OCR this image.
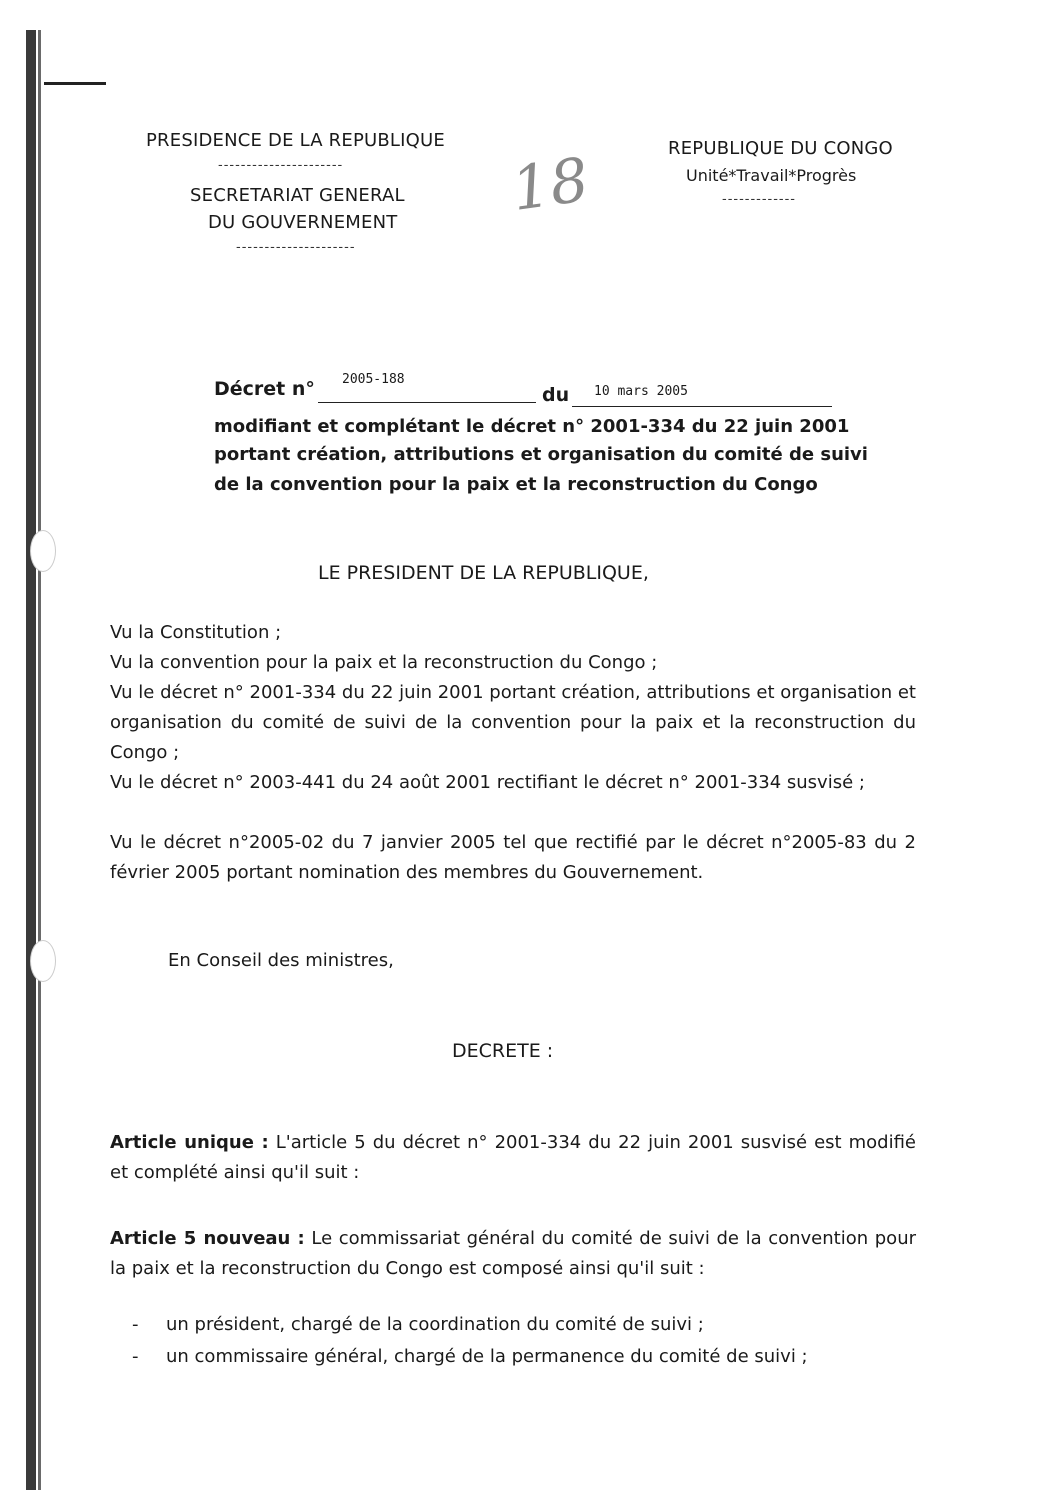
PRESIDENCE DE LA REPUBLIQUE
----------------------
SECRETARIAT GENERAL
DU GOUVERNEMENT
---------------------
18	REPUBLIQUE DU CONGO
Unité*Travail*Progrès
-------------
Décret n° 2005-188
du 10 mars 2005
modifiant et complétant le décret n° 2001-334 du 22 juin 2001
portant création, attributions et organisation du comité de suivi
de la convention pour la paix et la reconstruction du Congo
LE PRESIDENT DE LA REPUBLIQUE,
Vu la Constitution ;
Vu la convention pour la paix et la reconstruction du Congo ;
Vu le décret n° 2001-334 du 22 juin 2001 portant création, attributions et organisation et organisation du comité de suivi de la convention pour la paix et la reconstruction du Congo ;
Vu le décret n° 2003-441 du 24 août 2001 rectifiant le décret n° 2001-334 susvisé ;
Vu le décret n°2005-02 du 7 janvier 2005 tel que rectifié par le décret n°2005-83 du 2 février 2005 portant nomination des membres du Gouvernement.
En Conseil des ministres,
DECRETE :
Article unique : L'article 5 du décret n° 2001-334 du 22 juin 2001 susvisé est modifié et complété ainsi qu'il suit :
Article 5 nouveau : Le commissariat général du comité de suivi de la convention pour la paix et la reconstruction du Congo est composé ainsi qu'il suit :
- un président, chargé de la coordination du comité de suivi ;
- un commissaire général, chargé de la permanence du comité de suivi ;
